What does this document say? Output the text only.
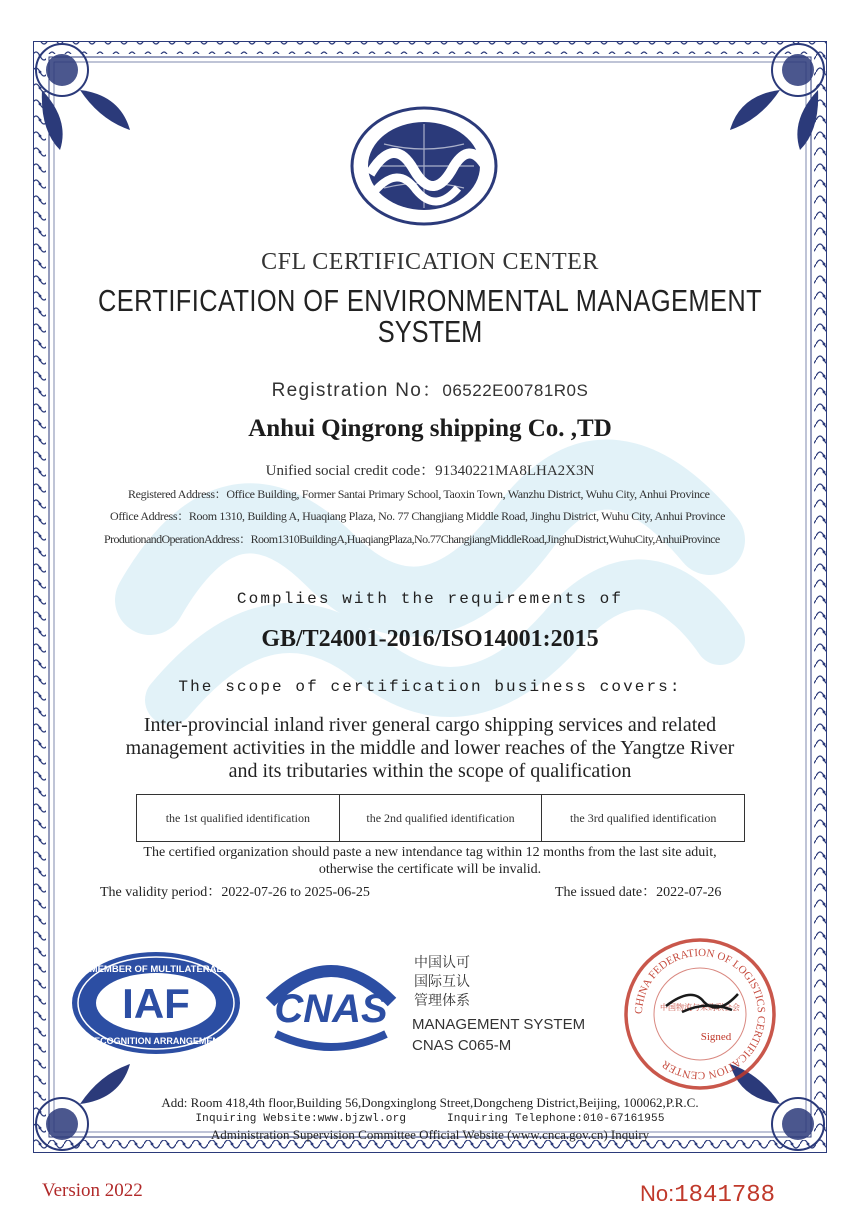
CFL CERTIFICATION CENTER
CERTIFICATION OF ENVIRONMENTAL MANAGEMENT
SYSTEM
Registration No：06522E00781R0S
Anhui Qingrong shipping Co. ,TD
Unified social credit code：91340221MA8LHA2X3N
Registered Address：Office Building, Former Santai Primary School, Taoxin Town, Wanzhu District, Wuhu City, Anhui Province
Office Address：Room 1310, Building A, Huaqiang Plaza, No. 77 Changjiang Middle Road, Jinghu District, Wuhu City, Anhui Province
ProdutionandOperationAddress：Room1310BuildingA,HuaqiangPlaza,No.77ChangjiangMiddleRoad,JinghuDistrict,WuhuCity,AnhuiProvince
Complies with the requirements of
GB/T24001-2016/ISO14001:2015
The scope of certification business covers:
Inter-provincial inland river general cargo shipping services and related
management activities in the middle and lower reaches of the Yangtze River
and its tributaries within the scope of qualification
the 1st qualified identification	the 2nd qualified identification	the 3rd qualified identification
The certified organization should paste a new intendance tag within 12 months from the last site aduit,
otherwise the certificate will be invalid.
The validity period：2022-07-26 to 2025-06-25	The issued date：2022-07-26
MEMBER OF MULTILATERAL
IAF
RECOGNITION ARRANGEMENT
CNAS
中国认可
国际互认
管理体系
MANAGEMENT SYSTEM
CNAS C065-M
CHINA FEDERATION OF LOGISTICS CERTIFICATION CENTER
中国物流与采购联合会
Signed
Add: Room 418,4th floor,Building 56,Dongxinglong Street,Dongcheng District,Beijing, 100062,P.R.C.
Inquiring Website:www.bjzwl.org      Inquiring Telephone:010-67161955
Administration Supervision Committee Official Website (www.cnca.gov.cn) Inquiry
Version 2022	No:1841788
